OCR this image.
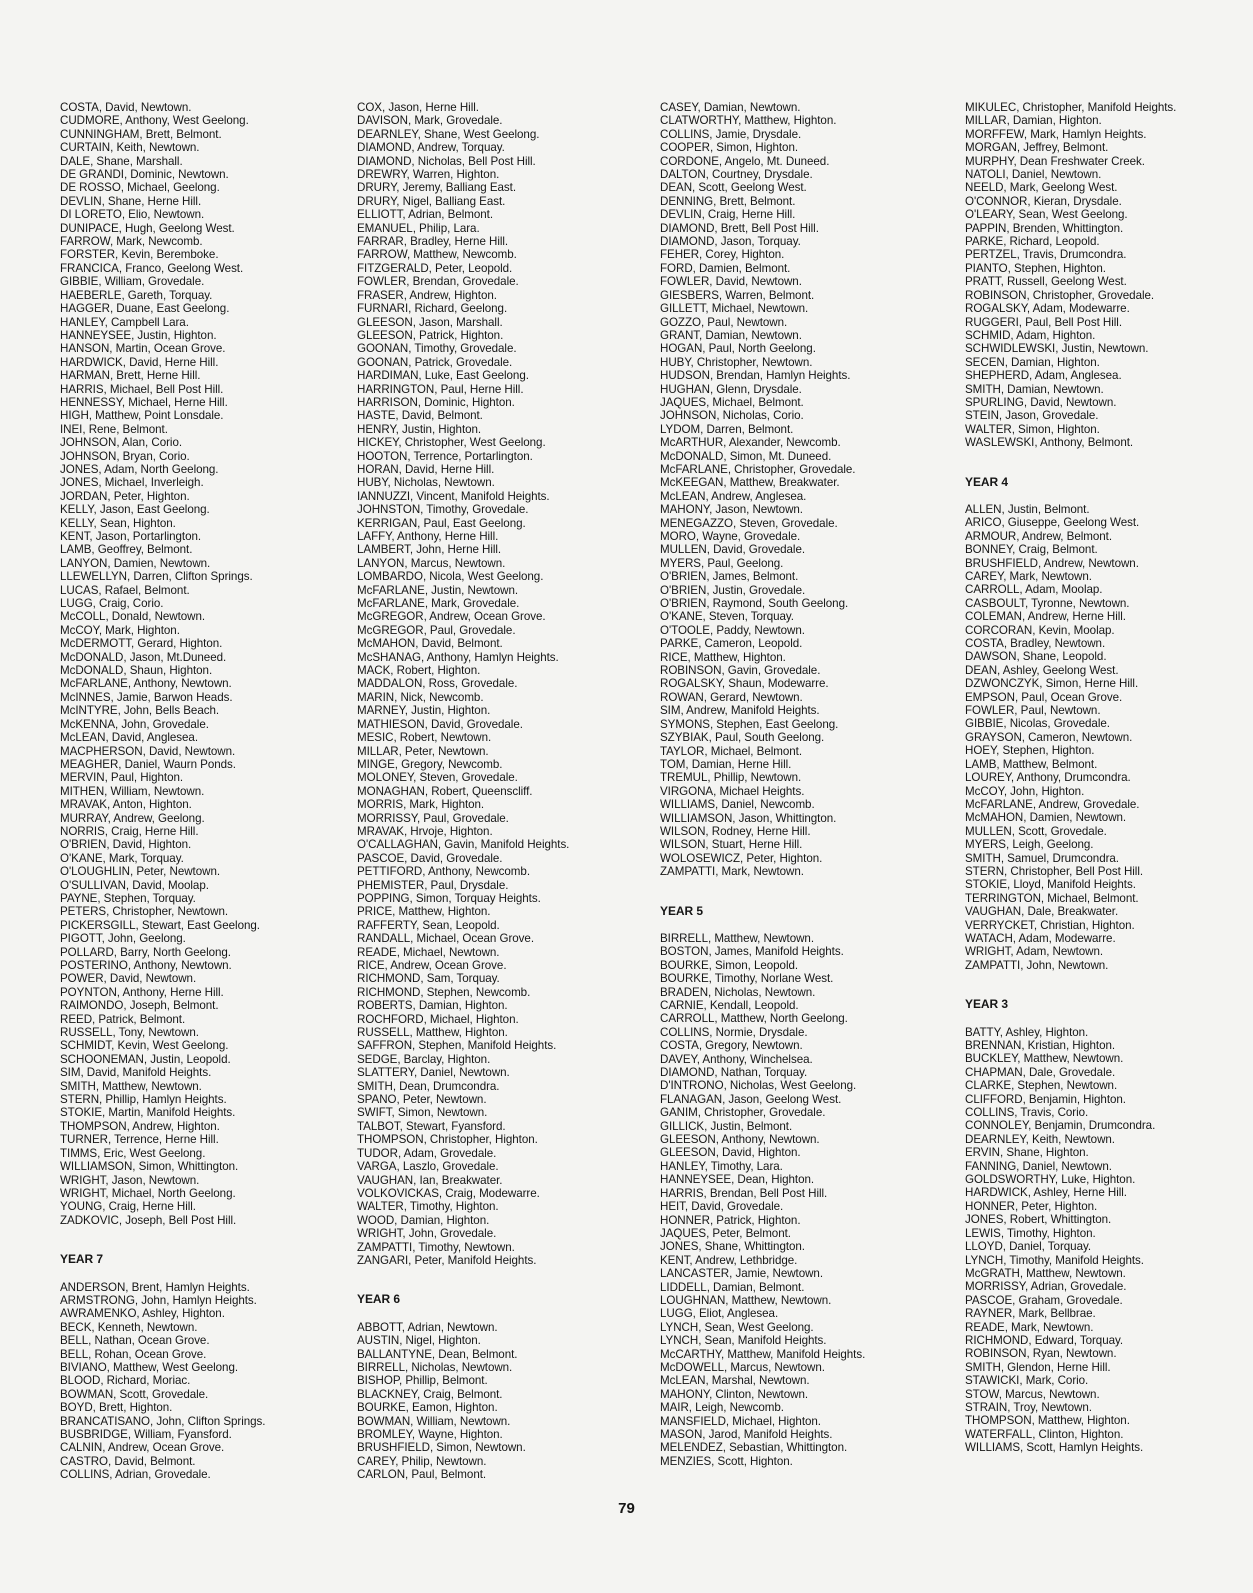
COSTA, David, Newtown.
CUDMORE, Anthony, West Geelong.
CUNNINGHAM, Brett, Belmont.
CURTAIN, Keith, Newtown.
DALE, Shane, Marshall.
DE GRANDI, Dominic, Newtown.
DE ROSSO, Michael, Geelong.
DEVLIN, Shane, Herne Hill.
DI LORETO, Elio, Newtown.
DUNIPACE, Hugh, Geelong West.
FARROW, Mark, Newcomb.
FORSTER, Kevin, Beremboke.
FRANCICA, Franco, Geelong West.
GIBBIE, William, Grovedale.
HAEBERLE, Gareth, Torquay.
HAGGER, Duane, East Geelong.
HANLEY, Campbell Lara.
HANNEYSEE, Justin, Highton.
HANSON, Martin, Ocean Grove.
HARDWICK, David, Herne Hill.
HARMAN, Brett, Herne Hill.
HARRIS, Michael, Bell Post Hill.
HENNESSY, Michael, Herne Hill.
HIGH, Matthew, Point Lonsdale.
INEI, Rene, Belmont.
JOHNSON, Alan, Corio.
JOHNSON, Bryan, Corio.
JONES, Adam, North Geelong.
JONES, Michael, Inverleigh.
JORDAN, Peter, Highton.
KELLY, Jason, East Geelong.
KELLY, Sean, Highton.
KENT, Jason, Portarlington.
LAMB, Geoffrey, Belmont.
LANYON, Damien, Newtown.
LLEWELLYN, Darren, Clifton Springs.
LUCAS, Rafael, Belmont.
LUGG, Craig, Corio.
McCOLL, Donald, Newtown.
McCOY, Mark, Highton.
McDERMOTT, Gerard, Highton.
McDONALD, Jason, Mt.Duneed.
McDONALD, Shaun, Highton.
McFARLANE, Anthony, Newtown.
McINNES, Jamie, Barwon Heads.
McINTYRE, John, Bells Beach.
McKENNA, John, Grovedale.
McLEAN, David, Anglesea.
MACPHERSON, David, Newtown.
MEAGHER, Daniel, Waurn Ponds.
MERVIN, Paul, Highton.
MITHEN, William, Newtown.
MRAVAK, Anton, Highton.
MURRAY, Andrew, Geelong.
NORRIS, Craig, Herne Hill.
O'BRIEN, David, Highton.
O'KANE, Mark, Torquay.
O'LOUGHLIN, Peter, Newtown.
O'SULLIVAN, David, Moolap.
PAYNE, Stephen, Torquay.
PETERS, Christopher, Newtown.
PICKERSGILL, Stewart, East Geelong.
PIGOTT, John, Geelong.
POLLARD, Barry, North Geelong.
POSTERINO, Anthony, Newtown.
POWER, David, Newtown.
POYNTON, Anthony, Herne Hill.
RAIMONDO, Joseph, Belmont.
REED, Patrick, Belmont.
RUSSELL, Tony, Newtown.
SCHMIDT, Kevin, West Geelong.
SCHOONEMAN, Justin, Leopold.
SIM, David, Manifold Heights.
SMITH, Matthew, Newtown.
STERN, Phillip, Hamlyn Heights.
STOKIE, Martin, Manifold Heights.
THOMPSON, Andrew, Highton.
TURNER, Terrence, Herne Hill.
TIMMS, Eric, West Geelong.
WILLIAMSON, Simon, Whittington.
WRIGHT, Jason, Newtown.
WRIGHT, Michael, North Geelong.
YOUNG, Craig, Herne Hill.
ZADKOVIC, Joseph, Bell Post Hill.
YEAR 7
ANDERSON, Brent, Hamlyn Heights.
ARMSTRONG, John, Hamlyn Heights.
AWRAMENKO, Ashley, Highton.
BECK, Kenneth, Newtown.
BELL, Nathan, Ocean Grove.
BELL, Rohan, Ocean Grove.
BIVIANO, Matthew, West Geelong.
BLOOD, Richard, Moriac.
BOWMAN, Scott, Grovedale.
BOYD, Brett, Highton.
BRANCATISANO, John, Clifton Springs.
BUSBRIDGE, William, Fyansford.
CALNIN, Andrew, Ocean Grove.
CASTRO, David, Belmont.
COLLINS, Adrian, Grovedale.
COX, Jason, Herne Hill.
DAVISON, Mark, Grovedale.
DEARNLEY, Shane, West Geelong.
DIAMOND, Andrew, Torquay.
DIAMOND, Nicholas, Bell Post Hill.
DREWRY, Warren, Highton.
DRURY, Jeremy, Balliang East.
DRURY, Nigel, Balliang East.
ELLIOTT, Adrian, Belmont.
EMANUEL, Philip, Lara.
FARRAR, Bradley, Herne Hill.
FARROW, Matthew, Newcomb.
FITZGERALD, Peter, Leopold.
FOWLER, Brendan, Grovedale.
FRASER, Andrew, Highton.
FURNARI, Richard, Geelong.
GLEESON, Jason, Marshall.
GLEESON, Patrick, Highton.
GOONAN, Timothy, Grovedale.
GOONAN, Patrick, Grovedale.
HARDIMAN, Luke, East Geelong.
HARRINGTON, Paul, Herne Hill.
HARRISON, Dominic, Highton.
HASTE, David, Belmont.
HENRY, Justin, Highton.
HICKEY, Christopher, West Geelong.
HOOTON, Terrence, Portarlington.
HORAN, David, Herne Hill.
HUBY, Nicholas, Newtown.
IANNUZZI, Vincent, Manifold Heights.
JOHNSTON, Timothy, Grovedale.
KERRIGAN, Paul, East Geelong.
LAFFY, Anthony, Herne Hill.
LAMBERT, John, Herne Hill.
LANYON, Marcus, Newtown.
LOMBARDO, Nicola, West Geelong.
McFARLANE, Justin, Newtown.
McFARLANE, Mark, Grovedale.
McGREGOR, Andrew, Ocean Grove.
McGREGOR, Paul, Grovedale.
McMAHON, David, Belmont.
McSHANAG, Anthony, Hamlyn Heights.
MACK, Robert, Highton.
MADDALON, Ross, Grovedale.
MARIN, Nick, Newcomb.
MARNEY, Justin, Highton.
MATHIESON, David, Grovedale.
MESIC, Robert, Newtown.
MILLAR, Peter, Newtown.
MINGE, Gregory, Newcomb.
MOLONEY, Steven, Grovedale.
MONAGHAN, Robert, Queenscliff.
MORRIS, Mark, Highton.
MORRISSY, Paul, Grovedale.
MRAVAK, Hrvoje, Highton.
O'CALLAGHAN, Gavin, Manifold Heights.
PASCOE, David, Grovedale.
PETTIFORD, Anthony, Newcomb.
PHEMISTER, Paul, Drysdale.
POPPING, Simon, Torquay Heights.
PRICE, Matthew, Highton.
RAFFERTY, Sean, Leopold.
RANDALL, Michael, Ocean Grove.
READE, Michael, Newtown.
RICE, Andrew, Ocean Grove.
RICHMOND, Sam, Torquay.
RICHMOND, Stephen, Newcomb.
ROBERTS, Damian, Highton.
ROCHFORD, Michael, Highton.
RUSSELL, Matthew, Highton.
SAFFRON, Stephen, Manifold Heights.
SEDGE, Barclay, Highton.
SLATTERY, Daniel, Newtown.
SMITH, Dean, Drumcondra.
SPANO, Peter, Newtown.
SWIFT, Simon, Newtown.
TALBOT, Stewart, Fyansford.
THOMPSON, Christopher, Highton.
TUDOR, Adam, Grovedale.
VARGA, Laszlo, Grovedale.
VAUGHAN, Ian, Breakwater.
VOLKOVICKAS, Craig, Modewarre.
WALTER, Timothy, Highton.
WOOD, Damian, Highton.
WRIGHT, John, Grovedale.
ZAMPATTI, Timothy, Newtown.
ZANGARI, Peter, Manifold Heights.
YEAR 6
ABBOTT, Adrian, Newtown.
AUSTIN, Nigel, Highton.
BALLANTYNE, Dean, Belmont.
BIRRELL, Nicholas, Newtown.
BISHOP, Phillip, Belmont.
BLACKNEY, Craig, Belmont.
BOURKE, Eamon, Highton.
BOWMAN, William, Newtown.
BROMLEY, Wayne, Highton.
BRUSHFIELD, Simon, Newtown.
CAREY, Philip, Newtown.
CARLON, Paul, Belmont.
CASEY, Damian, Newtown.
CLATWORTHY, Matthew, Highton.
COLLINS, Jamie, Drysdale.
COOPER, Simon, Highton.
CORDONE, Angelo, Mt. Duneed.
DALTON, Courtney, Drysdale.
DEAN, Scott, Geelong West.
DENNING, Brett, Belmont.
DEVLIN, Craig, Herne Hill.
DIAMOND, Brett, Bell Post Hill.
DIAMOND, Jason, Torquay.
FEHER, Corey, Highton.
FORD, Damien, Belmont.
FOWLER, David, Newtown.
GIESBERS, Warren, Belmont.
GILLETT, Michael, Newtown.
GOZZO, Paul, Newtown.
GRANT, Damian, Newtown.
HOGAN, Paul, North Geelong.
HUBY, Christopher, Newtown.
HUDSON, Brendan, Hamlyn Heights.
HUGHAN, Glenn, Drysdale.
JAQUES, Michael, Belmont.
JOHNSON, Nicholas, Corio.
LYDOM, Darren, Belmont.
McARTHUR, Alexander, Newcomb.
McDONALD, Simon, Mt. Duneed.
McFARLANE, Christopher, Grovedale.
McKEEGAN, Matthew, Breakwater.
McLEAN, Andrew, Anglesea.
MAHONY, Jason, Newtown.
MENEGAZZO, Steven, Grovedale.
MORO, Wayne, Grovedale.
MULLEN, David, Grovedale.
MYERS, Paul, Geelong.
O'BRIEN, James, Belmont.
O'BRIEN, Justin, Grovedale.
O'BRIEN, Raymond, South Geelong.
O'KANE, Steven, Torquay.
O'TOOLE, Paddy, Newtown.
PARKE, Cameron, Leopold.
RICE, Matthew, Highton.
ROBINSON, Gavin, Grovedale.
ROGALSKY, Shaun, Modewarre.
ROWAN, Gerard, Newtown.
SIM, Andrew, Manifold Heights.
SYMONS, Stephen, East Geelong.
SZYBIAK, Paul, South Geelong.
TAYLOR, Michael, Belmont.
TOM, Damian, Herne Hill.
TREMUL, Phillip, Newtown.
VIRGONA, Michael Heights.
WILLIAMS, Daniel, Newcomb.
WILLIAMSON, Jason, Whittington.
WILSON, Rodney, Herne Hill.
WILSON, Stuart, Herne Hill.
WOLOSEWICZ, Peter, Highton.
ZAMPATTI, Mark, Newtown.
YEAR 5
BIRRELL, Matthew, Newtown.
BOSTON, James, Manifold Heights.
BOURKE, Simon, Leopold.
BOURKE, Timothy, Norlane West.
BRADEN, Nicholas, Newtown.
CARNIE, Kendall, Leopold.
CARROLL, Matthew, North Geelong.
COLLINS, Normie, Drysdale.
COSTA, Gregory, Newtown.
DAVEY, Anthony, Winchelsea.
DIAMOND, Nathan, Torquay.
D'INTRONO, Nicholas, West Geelong.
FLANAGAN, Jason, Geelong West.
GANIM, Christopher, Grovedale.
GILLICK, Justin, Belmont.
GLEESON, Anthony, Newtown.
GLEESON, David, Highton.
HANLEY, Timothy, Lara.
HANNEYSEE, Dean, Highton.
HARRIS, Brendan, Bell Post Hill.
HEIT, David, Grovedale.
HONNER, Patrick, Highton.
JAQUES, Peter, Belmont.
JONES, Shane, Whittington.
KENT, Andrew, Lethbridge.
LANCASTER, Jamie, Newtown.
LIDDELL, Damian, Belmont.
LOUGHNAN, Matthew, Newtown.
LUGG, Eliot, Anglesea.
LYNCH, Sean, West Geelong.
LYNCH, Sean, Manifold Heights.
McCARTHY, Matthew, Manifold Heights.
McDOWELL, Marcus, Newtown.
McLEAN, Marshal, Newtown.
MAHONY, Clinton, Newtown.
MAIR, Leigh, Newcomb.
MANSFIELD, Michael, Highton.
MASON, Jarod, Manifold Heights.
MELENDEZ, Sebastian, Whittington.
MENZIES, Scott, Highton.
MIKULEC, Christopher, Manifold Heights.
MILLAR, Damian, Highton.
MORFFEW, Mark, Hamlyn Heights.
MORGAN, Jeffrey, Belmont.
MURPHY, Dean Freshwater Creek.
NATOLI, Daniel, Newtown.
NEELD, Mark, Geelong West.
O'CONNOR, Kieran, Drysdale.
O'LEARY, Sean, West Geelong.
PAPPIN, Brenden, Whittington.
PARKE, Richard, Leopold.
PERTZEL, Travis, Drumcondra.
PIANTO, Stephen, Highton.
PRATT, Russell, Geelong West.
ROBINSON, Christopher, Grovedale.
ROGALSKY, Adam, Modewarre.
RUGGERI, Paul, Bell Post Hill.
SCHMID, Adam, Highton.
SCHWIDLEWSKI, Justin, Newtown.
SECEN, Damian, Highton.
SHEPHERD, Adam, Anglesea.
SMITH, Damian, Newtown.
SPURLING, David, Newtown.
STEIN, Jason, Grovedale.
WALTER, Simon, Highton.
WASLEWSKI, Anthony, Belmont.
YEAR 4
ALLEN, Justin, Belmont.
ARICO, Giuseppe, Geelong West.
ARMOUR, Andrew, Belmont.
BONNEY, Craig, Belmont.
BRUSHFIELD, Andrew, Newtown.
CAREY, Mark, Newtown.
CARROLL, Adam, Moolap.
CASBOULT, Tyronne, Newtown.
COLEMAN, Andrew, Herne Hill.
CORCORAN, Kevin, Moolap.
COSTA, Bradley, Newtown.
DAWSON, Shane, Leopold.
DEAN, Ashley, Geelong West.
DZWONCZYK, Simon, Herne Hill.
EMPSON, Paul, Ocean Grove.
FOWLER, Paul, Newtown.
GIBBIE, Nicolas, Grovedale.
GRAYSON, Cameron, Newtown.
HOEY, Stephen, Highton.
LAMB, Matthew, Belmont.
LOUREY, Anthony, Drumcondra.
McCOY, John, Highton.
McFARLANE, Andrew, Grovedale.
McMAHON, Damien, Newtown.
MULLEN, Scott, Grovedale.
MYERS, Leigh, Geelong.
SMITH, Samuel, Drumcondra.
STERN, Christopher, Bell Post Hill.
STOKIE, Lloyd, Manifold Heights.
TERRINGTON, Michael, Belmont.
VAUGHAN, Dale, Breakwater.
VERRYCKET, Christian, Highton.
WATACH, Adam, Modewarre.
WRIGHT, Adam, Newtown.
ZAMPATTI, John, Newtown.
YEAR 3
BATTY, Ashley, Highton.
BRENNAN, Kristian, Highton.
BUCKLEY, Matthew, Newtown.
CHAPMAN, Dale, Grovedale.
CLARKE, Stephen, Newtown.
CLIFFORD, Benjamin, Highton.
COLLINS, Travis, Corio.
CONNOLEY, Benjamin, Drumcondra.
DEARNLEY, Keith, Newtown.
ERVIN, Shane, Highton.
FANNING, Daniel, Newtown.
GOLDSWORTHY, Luke, Highton.
HARDWICK, Ashley, Herne Hill.
HONNER, Peter, Highton.
JONES, Robert, Whittington.
LEWIS, Timothy, Highton.
LLOYD, Daniel, Torquay.
LYNCH, Timothy, Manifold Heights.
McGRATH, Matthew, Newtown.
MORRISSY, Adrian, Grovedale.
PASCOE, Graham, Grovedale.
RAYNER, Mark, Bellbrae.
READE, Mark, Newtown.
RICHMOND, Edward, Torquay.
ROBINSON, Ryan, Newtown.
SMITH, Glendon, Herne Hill.
STAWICKI, Mark, Corio.
STOW, Marcus, Newtown.
STRAIN, Troy, Newtown.
THOMPSON, Matthew, Highton.
WATERFALL, Clinton, Highton.
WILLIAMS, Scott, Hamlyn Heights.
79
